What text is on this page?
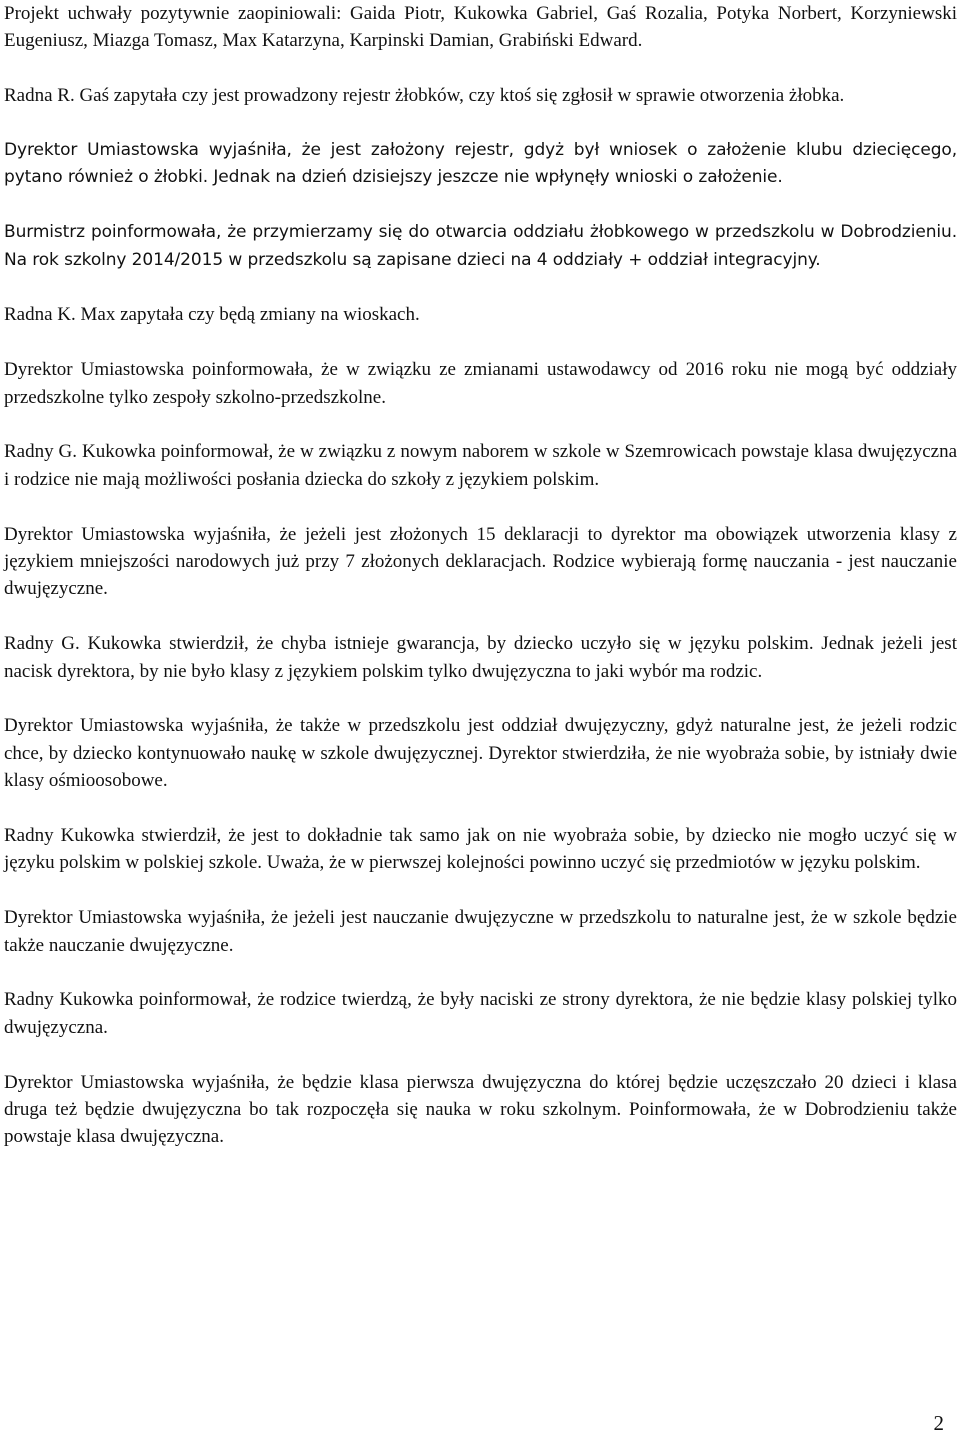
Projekt uchwały pozytywnie zaopiniowali: Gaida Piotr, Kukowka Gabriel, Gaś Rozalia, Potyka Norbert, Korzyniewski Eugeniusz, Miazga Tomasz, Max Katarzyna, Karpinski Damian, Grabiński Edward.

Radna R. Gaś zapytała czy jest prowadzony rejestr żłobków, czy ktoś się zgłosił w sprawie otworzenia żłobka.

Dyrektor Umiastowska wyjaśniła, że jest założony rejestr, gdyż był wniosek o założenie klubu dziecięcego, pytano również o żłobki. Jednak na dzień dzisiejszy jeszcze nie wpłynęły wnioski o założenie.

Burmistrz poinformowała, że przymierzamy się do otwarcia oddziału żłobkowego w przedszkolu w Dobrodzieniu. Na rok szkolny 2014/2015 w przedszkolu są zapisane dzieci na 4 oddziały + oddział integracyjny.

Radna K. Max zapytała czy będą zmiany na wioskach.

Dyrektor Umiastowska poinformowała, że w związku ze zmianami ustawodawcy od 2016 roku nie mogą być oddziały przedszkolne tylko zespoły szkolno-przedszkolne.

Radny G. Kukowka poinformował, że w związku z nowym naborem w szkole w Szemrowicach powstaje klasa dwujęzyczna i rodzice nie mają możliwości posłania dziecka do szkoły z językiem polskim.

Dyrektor Umiastowska wyjaśniła, że jeżeli jest złożonych 15 deklaracji to dyrektor ma obowiązek utworzenia klasy z językiem mniejszości narodowych już przy 7 złożonych deklaracjach. Rodzice wybierają formę nauczania - jest nauczanie dwujęzyczne.

Radny G. Kukowka stwierdził, że chyba istnieje gwarancja, by dziecko uczyło się w języku polskim. Jednak jeżeli jest nacisk dyrektora, by nie było klasy z językiem polskim tylko dwujęzyczna to jaki wybór ma rodzic.

Dyrektor Umiastowska wyjaśniła, że także w przedszkolu jest oddział dwujęzyczny, gdyż naturalne jest, że jeżeli rodzic chce, by dziecko kontynuowało naukę w szkole dwujęzycznej. Dyrektor stwierdziła, że nie wyobraża sobie, by istniały dwie klasy ośmioosobowe.

Radny Kukowka stwierdził, że jest to dokładnie tak samo jak on nie wyobraża sobie, by dziecko nie mogło uczyć się w języku polskim w polskiej szkole. Uważa, że w pierwszej kolejności powinno uczyć się przedmiotów w języku polskim.

Dyrektor Umiastowska wyjaśniła, że jeżeli jest nauczanie dwujęzyczne w przedszkolu to naturalne jest, że w szkole będzie także nauczanie dwujęzyczne.

Radny Kukowka poinformował, że rodzice twierdzą, że były naciski ze strony dyrektora, że nie będzie klasy polskiej tylko dwujęzyczna.

Dyrektor Umiastowska wyjaśniła, że będzie klasa pierwsza dwujęzyczna do której będzie uczęszczało 20 dzieci i klasa druga też będzie dwujęzyczna bo tak rozpoczęła się nauka w roku szkolnym. Poinformowała, że w Dobrodzieniu także powstaje klasa dwujęzyczna.

2
